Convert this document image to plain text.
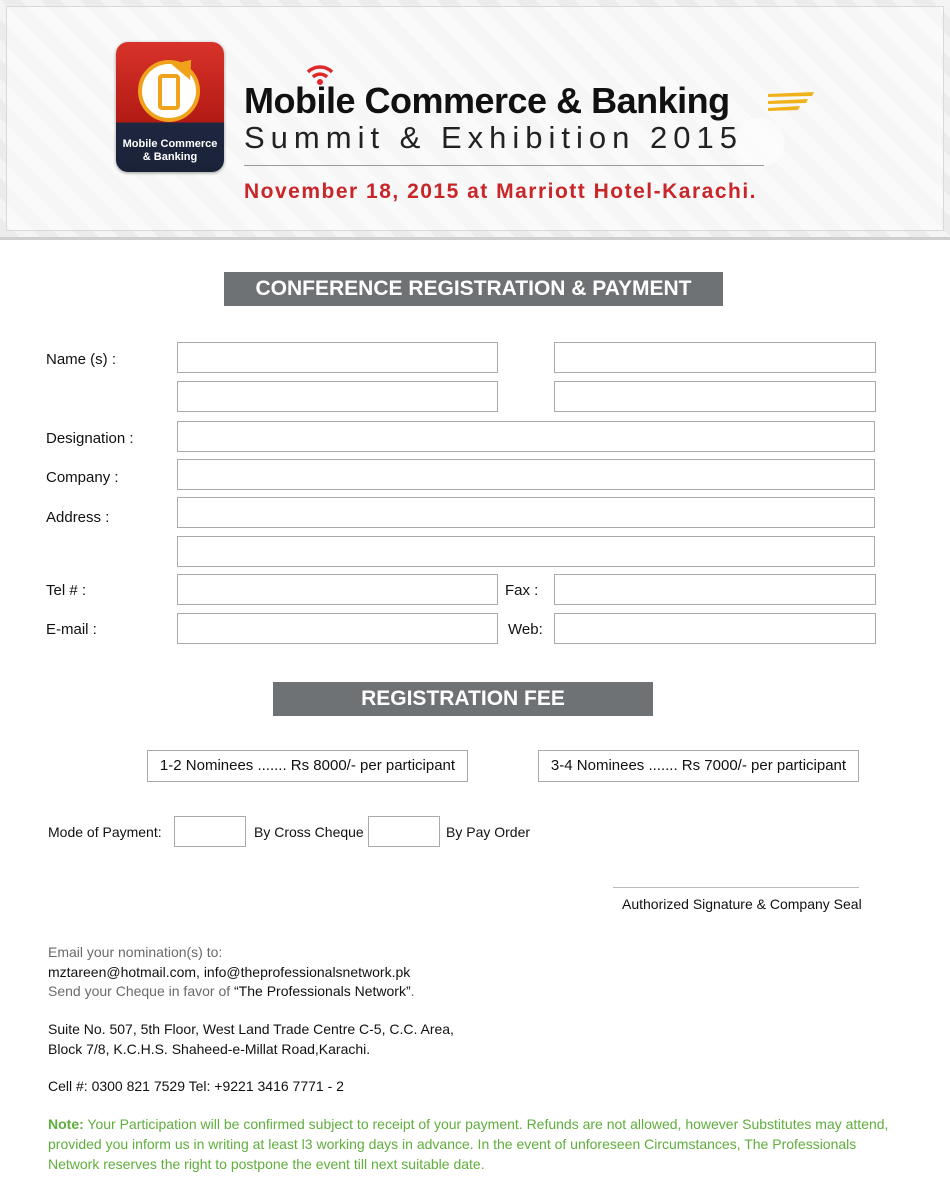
Mobile Commerce
& Banking
Mobile Commerce & Banking
Summit & Exhibition 2015
November 18, 2015 at Marriott Hotel-Karachi.
CONFERENCE REGISTRATION & PAYMENT
Name (s) :
Designation :
Company :
Address :
Tel # :	Fax :
E-mail :	Web:
REGISTRATION FEE
1-2 Nominees ....... Rs 8000/- per participant	3-4 Nominees ....... Rs 7000/- per participant
Mode of Payment:	By Cross Cheque	By Pay Order
Authorized Signature & Company Seal
Email your nomination(s) to:
mztareen@hotmail.com, info@theprofessionalsnetwork.pk
Send your Cheque in favor of “The Professionals Network”.
Suite No. 507, 5th Floor, West Land Trade Centre C-5, C.C. Area,
Block 7/8, K.C.H.S. Shaheed-e-Millat Road,Karachi.
Cell #: 0300 821 7529 Tel: +9221 3416 7771 - 2
Note: Your Participation will be confirmed subject to receipt of your payment. Refunds are not allowed, however Substitutes may attend, provided you inform us in writing at least l3 working days in advance. In the event of unforeseen Circumstances, The Professionals Network reserves the right to postpone the event till next suitable date.
